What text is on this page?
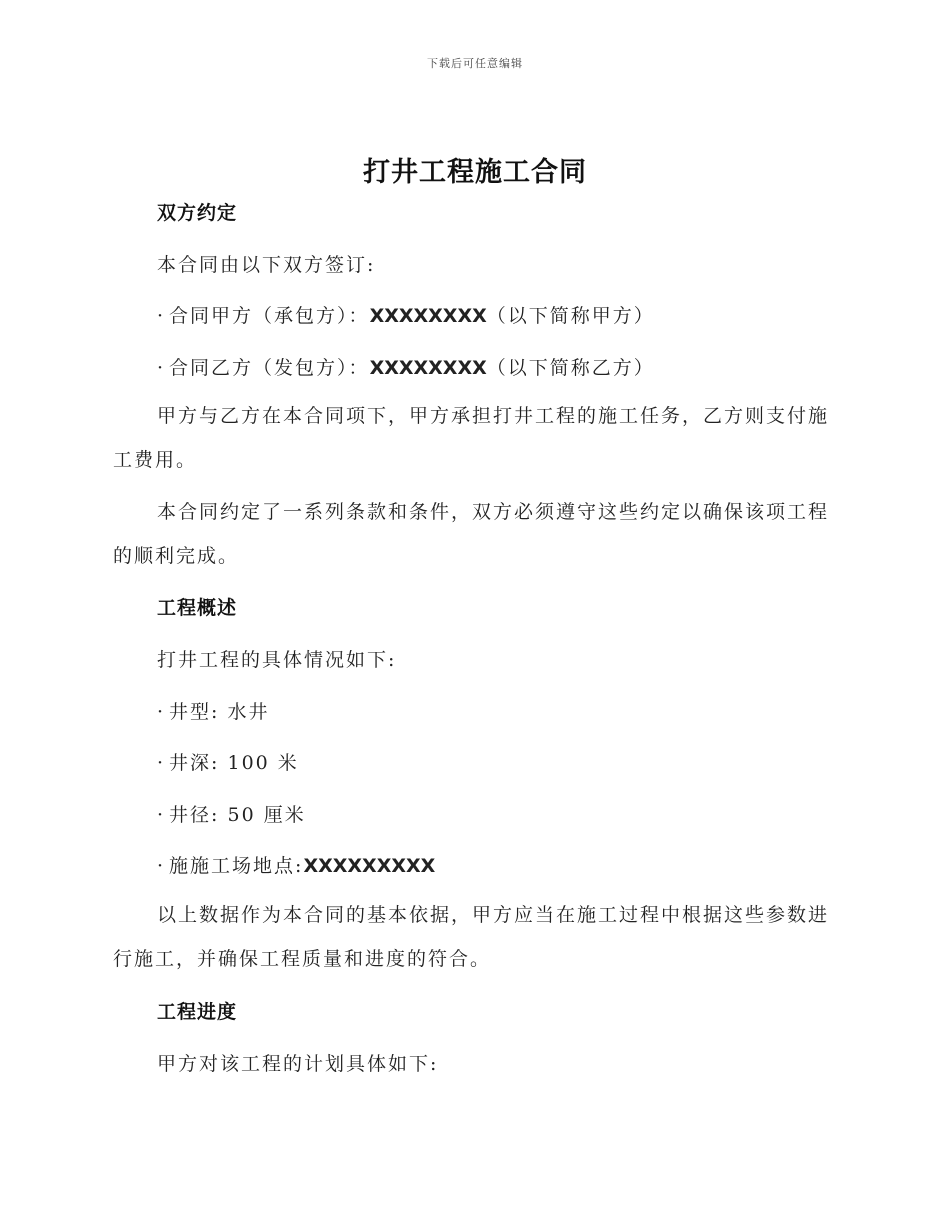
下载后可任意编辑
打井工程施工合同
双方约定
本合同由以下双方签订:
· 合同甲方（承包方）：XXXXXXXX（以下简称甲方）
· 合同乙方（发包方）：XXXXXXXX（以下简称乙方）
甲方与乙方在本合同项下，甲方承担打井工程的施工任务，乙方则支付施工费用。
本合同约定了一系列条款和条件，双方必须遵守这些约定以确保该项工程的顺利完成。
工程概述
打井工程的具体情况如下:
· 井型: 水井
· 井深: 100 米
· 井径: 50 厘米
· 施施工场地点:XXXXXXXXX
以上数据作为本合同的基本依据，甲方应当在施工过程中根据这些参数进行施工，并确保工程质量和进度的符合。
工程进度
甲方对该工程的计划具体如下:
